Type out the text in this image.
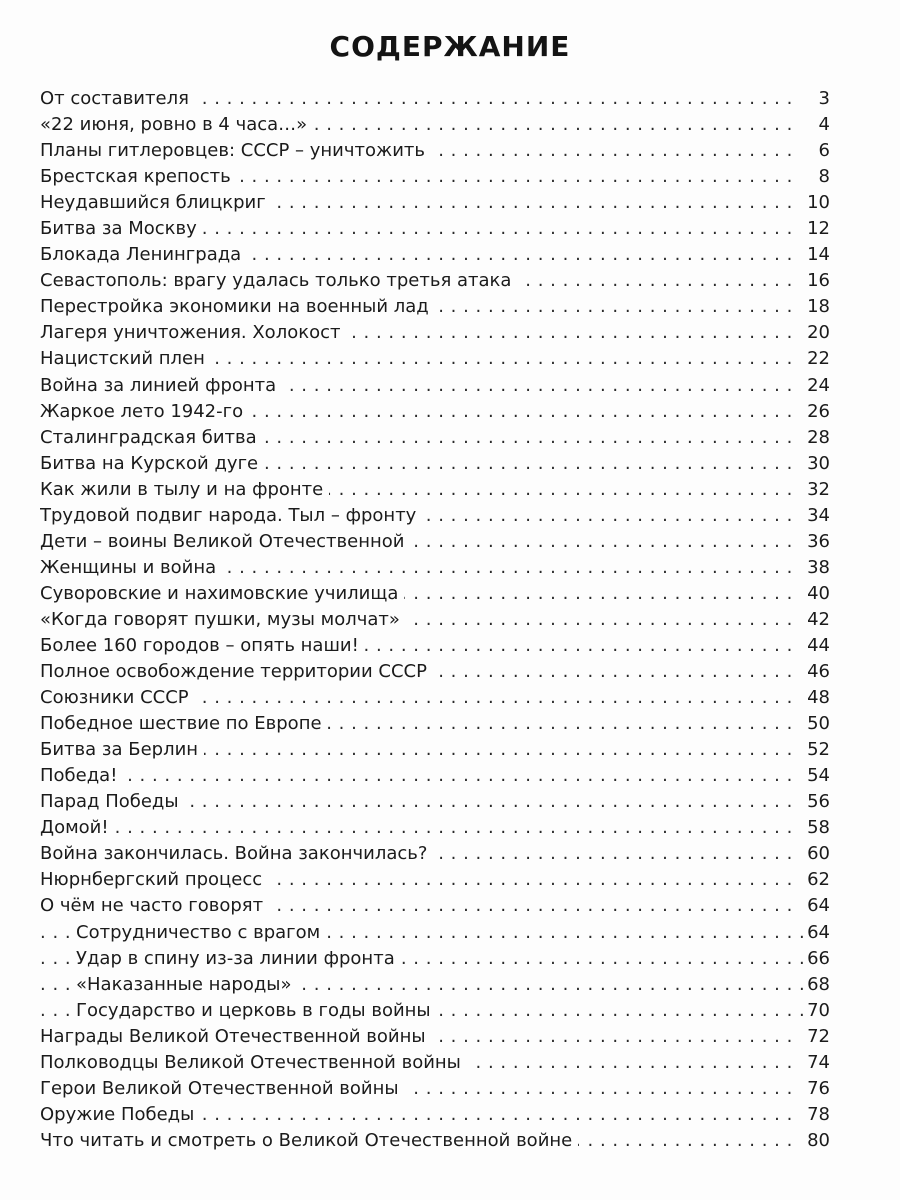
СОДЕРЖАНИЕ
. . . От составителя	3
. . . «22 июня, ровно в 4 часа…»	4
. . . Планы гитлеровцев: СССР – уничтожить	6
. . . Брестская крепость	8
. . . Неудавшийся блицкриг	10
. . . Битва за Москву	12
. . . Блокада Ленинграда	14
. . . Севастополь: врагу удалась только третья атака	16
. . . Перестройка экономики на военный лад	18
. . . Лагеря уничтожения. Холокост	20
. . . Нацистский плен	22
. . . Война за линией фронта	24
. . . Жаркое лето 1942-го	26
. . . Сталинградская битва	28
. . . Битва на Курской дуге	30
. . . Как жили в тылу и на фронте	32
. . . Трудовой подвиг народа. Тыл – фронту	34
. . . Дети – воины Великой Отечественной	36
. . . Женщины и война	38
. . . Суворовские и нахимовские училища	40
. . . «Когда говорят пушки, музы молчат»	42
. . . Более 160 городов – опять наши!	44
. . . Полное освобождение территории СССР	46
. . . Союзники СССР	48
. . . Победное шествие по Европе	50
. . . Битва за Берлин	52
. . . Победа!	54
. . . Парад Победы	56
. . . Домой!	58
. . . Война закончилась. Война закончилась?	60
. . . Нюрнбергский процесс	62
. . . О чём не часто говорят	64
. . . Сотрудничество с врагом	64
. . . Удар в спину из-за линии фронта	66
. . . «Наказанные народы»	68
. . . Государство и церковь в годы войны	70
. . . Награды Великой Отечественной войны	72
. . . Полководцы Великой Отечественной войны	74
. . . Герои Великой Отечественной войны	76
. . . Оружие Победы	78
. . . Что читать и смотреть о Великой Отечественной войне	80
